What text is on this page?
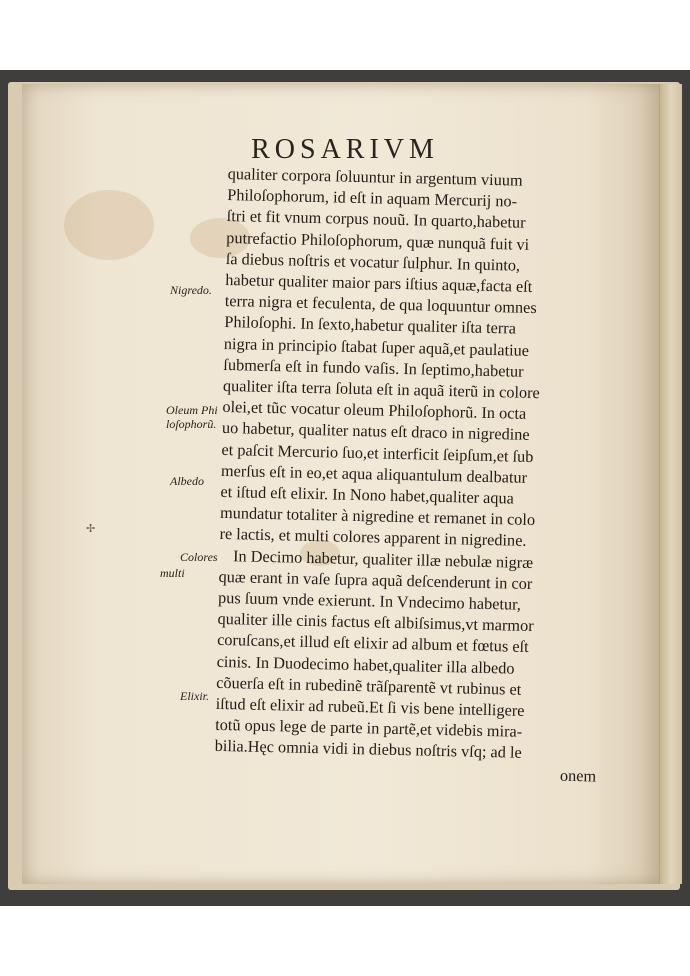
ROSARIVM
qualiter corpora ſoluuntur in argentum viuum
Philoſophorum, id eſt in aquam Mercurij no-
ſtri et fit vnum corpus nouũ. In quarto,habetur
putrefactio Philoſophorum, quæ nunquã fuit vi
ſa diebus noſtris et vocatur ſulphur. In quinto,
habetur qualiter maior pars iſtius aquæ,facta eſt
terra nigra et feculenta, de qua loquuntur omnes
Philoſophi. In ſexto,habetur qualiter iſta terra
nigra in principio ſtabat ſuper aquã,et paulatiue
ſubmerſa eſt in fundo vaſis. In ſeptimo,habetur
qualiter iſta terra ſoluta eſt in aquã iterũ in colore
olei,et tũc vocatur oleum Philoſophorũ. In octa
uo habetur, qualiter natus eſt draco in nigredine
et paſcit Mercurio ſuo,et interficit ſeipſum,et ſub
merſus eſt in eo,et aqua aliquantulum dealbatur
et iſtud eſt elixir. In Nono habet,qualiter aqua
mundatur totaliter à nigredine et remanet in colo
re lactis, et multi colores apparent in nigredine.
In Decimo habetur, qualiter illæ nebulæ nigræ
quæ erant in vaſe ſupra aquã deſcenderunt in cor
pus ſuum vnde exierunt. In Vndecimo habetur,
qualiter ille cinis factus eſt albiſsimus,vt marmor
coruſcans,et illud eſt elixir ad album et fœtus eſt
cinis. In Duodecimo habet,qualiter illa albedo
cõuerſa eſt in rubedinẽ trãſparentẽ vt rubinus et
iſtud eſt elixir ad rubeũ.Et ſi vis bene intelligere
totũ opus lege de parte in partẽ,et videbis mira-
bilia.Hęc omnia vidi in diebus noſtris vſq; ad le
onem
Nigredo.
Oleum Phi
loſophorũ.
Albedo
Colores
multi
Elixir.
✢
